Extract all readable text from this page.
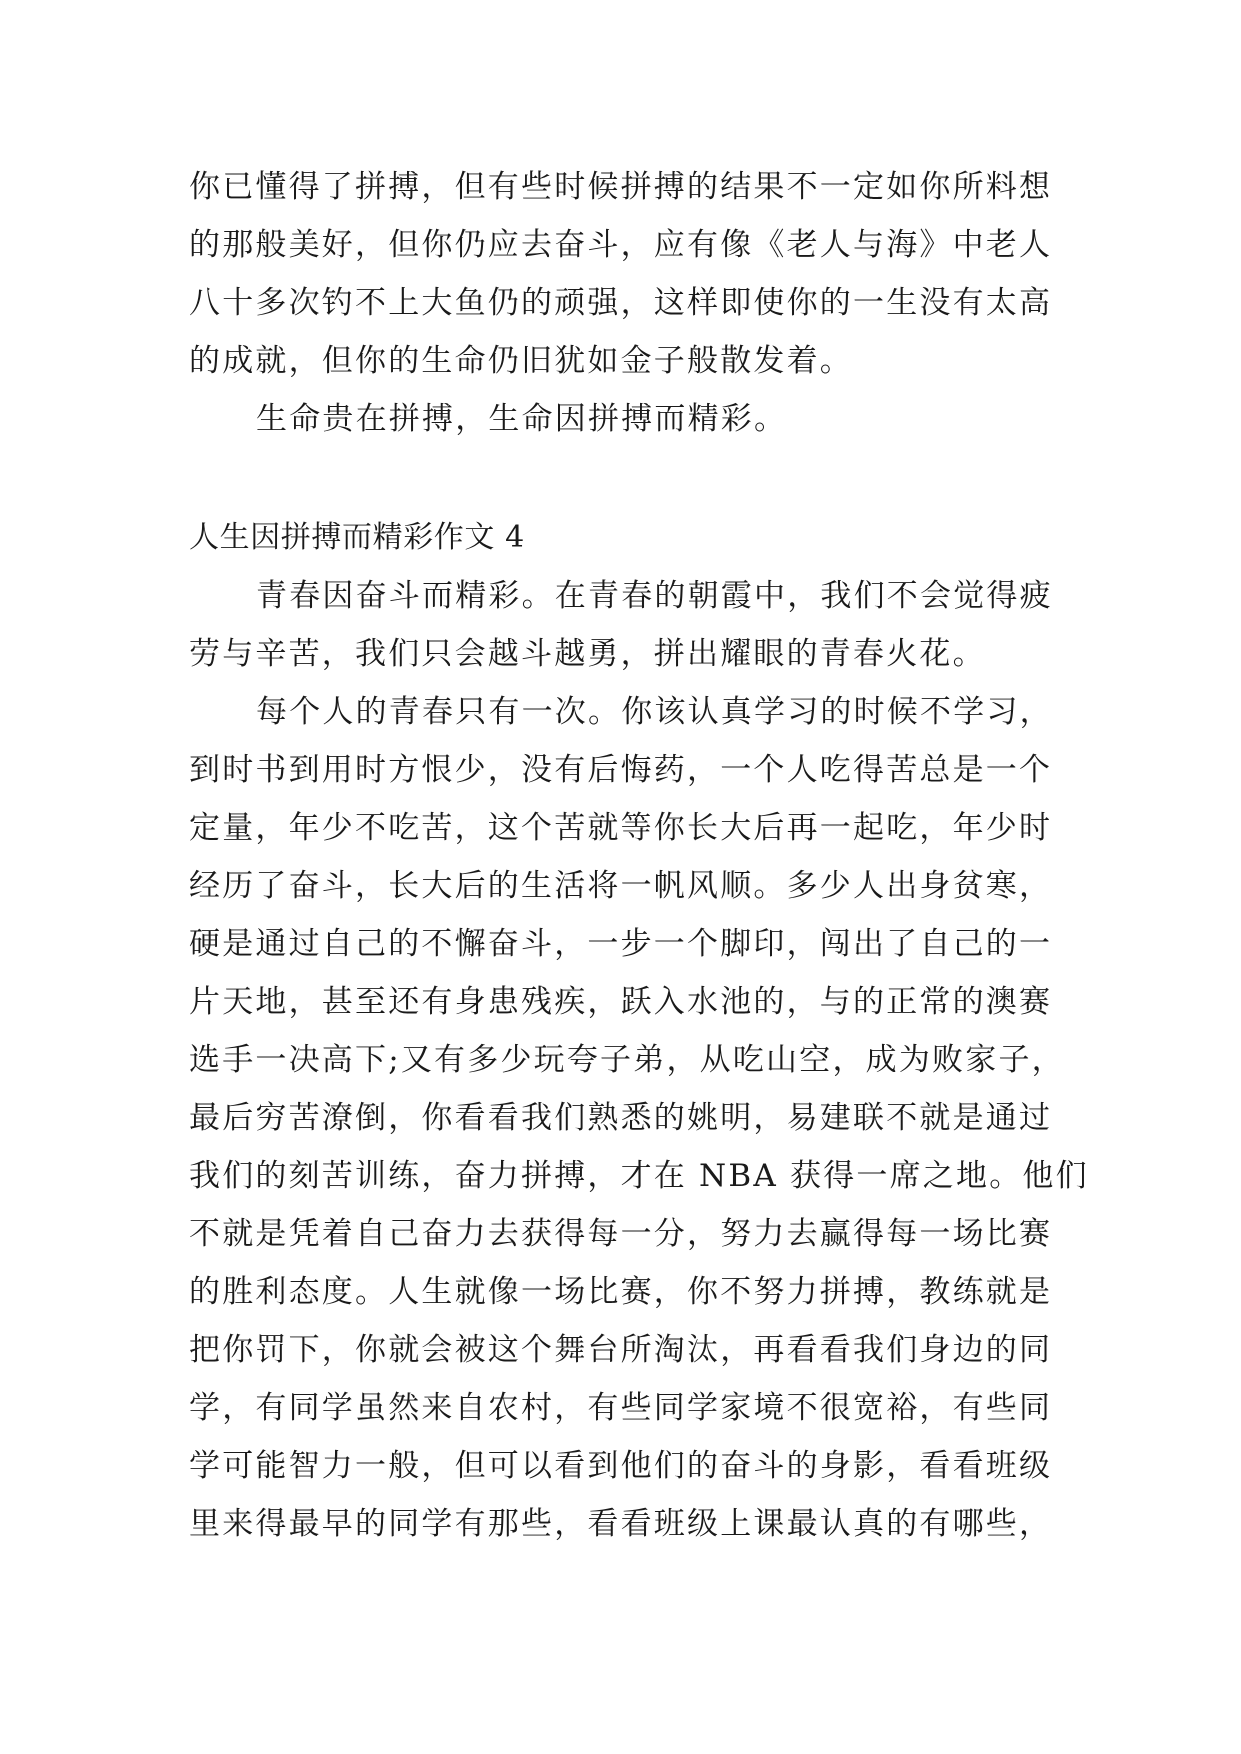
你已懂得了拼搏，但有些时候拼搏的结果不一定如你所料想
的那般美好，但你仍应去奋斗，应有像《老人与海》中老人
八十多次钓不上大鱼仍的顽强，这样即使你的一生没有太高
的成就，但你的生命仍旧犹如金子般散发着。
生命贵在拼搏，生命因拼搏而精彩。
人生因拼搏而精彩作文 4
青春因奋斗而精彩。在青春的朝霞中，我们不会觉得疲
劳与辛苦，我们只会越斗越勇，拼出耀眼的青春火花。
每个人的青春只有一次。你该认真学习的时候不学习，
到时书到用时方恨少，没有后悔药，一个人吃得苦总是一个
定量，年少不吃苦，这个苦就等你长大后再一起吃，年少时
经历了奋斗，长大后的生活将一帆风顺。多少人出身贫寒，
硬是通过自己的不懈奋斗，一步一个脚印，闯出了自己的一
片天地，甚至还有身患残疾，跃入水池的，与的正常的澳赛
选手一决高下;又有多少玩夸子弟，从吃山空，成为败家子，
最后穷苦潦倒，你看看我们熟悉的姚明，易建联不就是通过
我们的刻苦训练，奋力拼搏，才在 NBA 获得一席之地。他们
不就是凭着自己奋力去获得每一分，努力去赢得每一场比赛
的胜利态度。人生就像一场比赛，你不努力拼搏，教练就是
把你罚下，你就会被这个舞台所淘汰，再看看我们身边的同
学，有同学虽然来自农村，有些同学家境不很宽裕，有些同
学可能智力一般，但可以看到他们的奋斗的身影，看看班级
里来得最早的同学有那些，看看班级上课最认真的有哪些，
